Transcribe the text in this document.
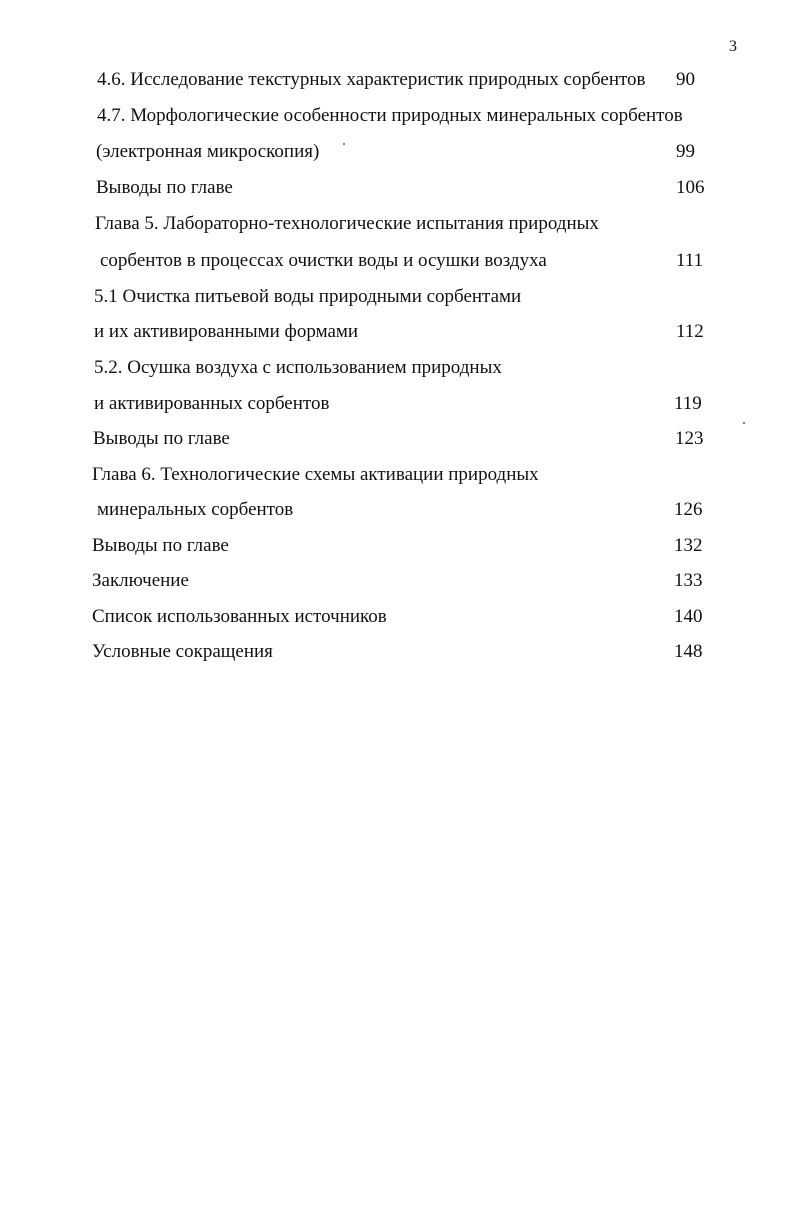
3
4.6. Исследование текстурных характеристик природных сорбентов 90
4.7. Морфологические особенности природных минеральных сорбентов
(электронная микроскопия)	99
Выводы по главе	106
Глава 5. Лабораторно-технологические испытания природных
сорбентов в процессах очистки воды и осушки воздуха	111
5.1 Очистка питьевой воды природными сорбентами
и их активированными формами	112
5.2. Осушка воздуха с использованием природных
и активированных сорбентов	119
Выводы по главе	123
Глава 6. Технологические схемы активации природных
минеральных сорбентов	126
Выводы по главе	132
Заключение	133
Список использованных источников	140
Условные сокращения	148
